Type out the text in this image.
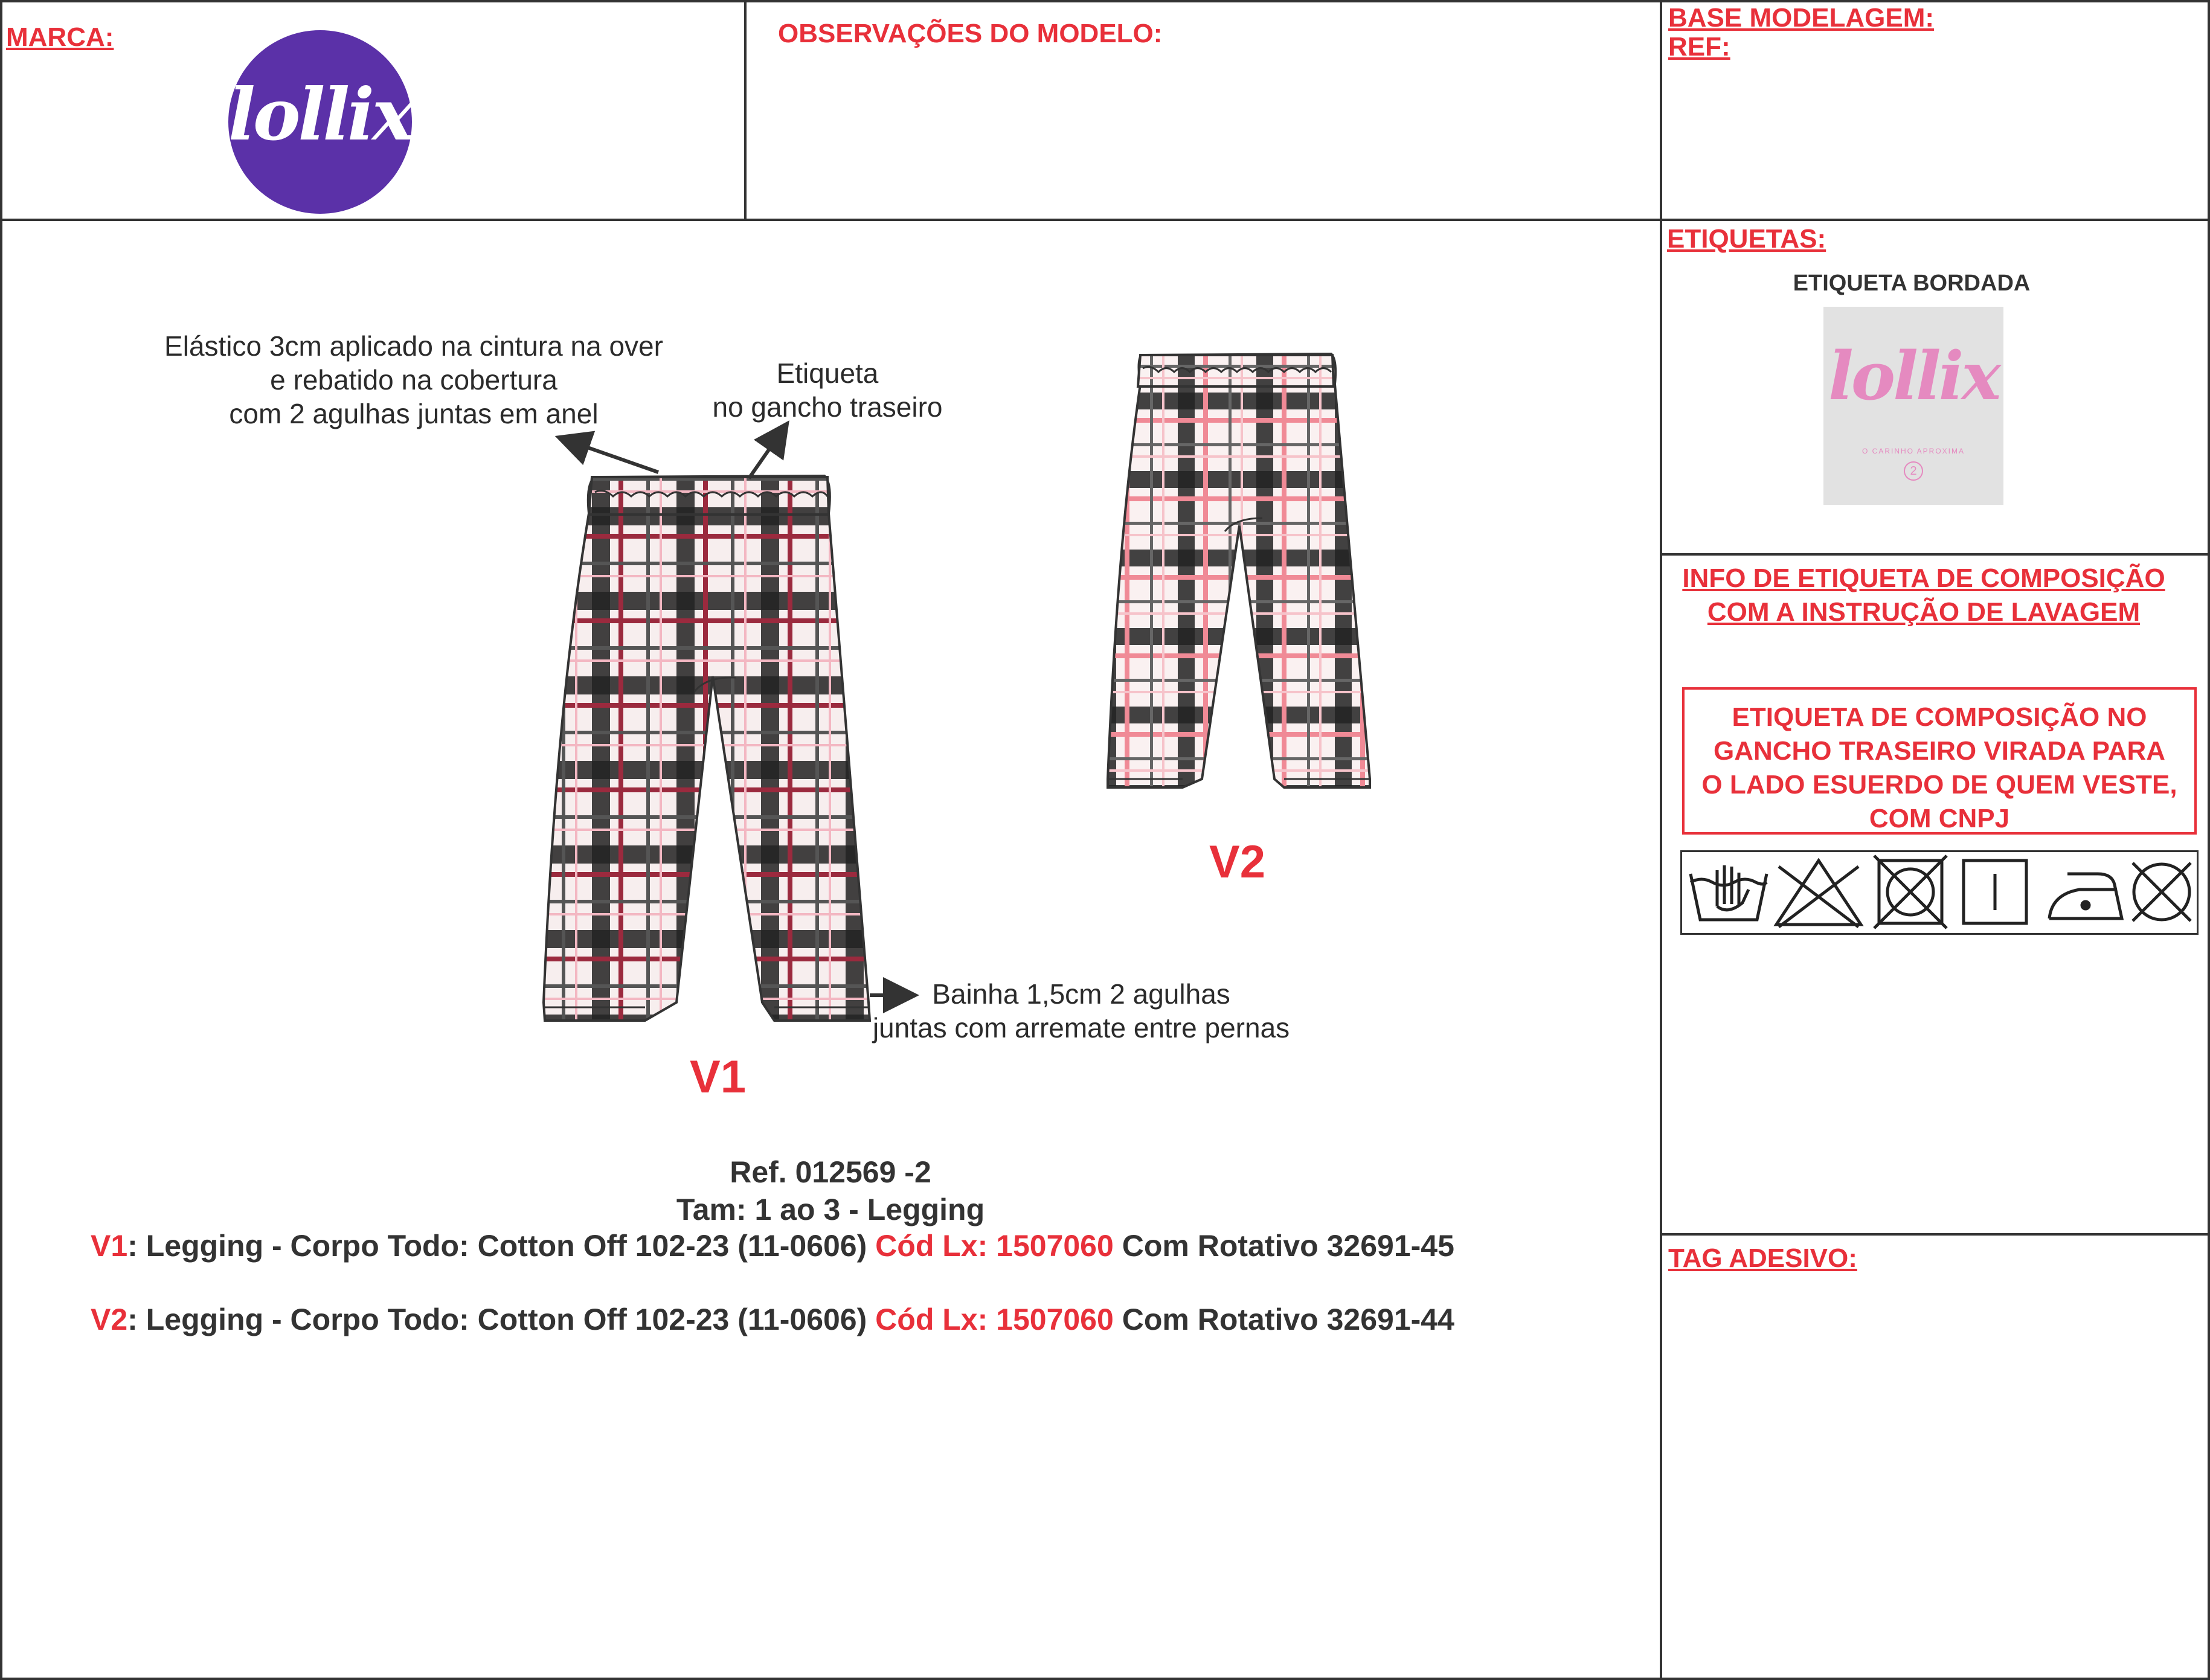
MARCA:
lollix
OBSERVAÇÕES DO MODELO:
BASE MODELAGEM:
REF:
Elástico 3cm aplicado na cintura na over
e rebatido na cobertura
com 2 agulhas juntas em anel
Etiqueta
no gancho traseiro
Bainha 1,5cm 2 agulhas
juntas com arremate entre pernas
V1
V2
Ref. 012569 -2
Tam: 1 ao 3 - Legging
V1: Legging - Corpo Todo: Cotton Off 102-23 (11-0606) Cód Lx: 1507060 Com Rotativo 32691-45
V2: Legging - Corpo Todo: Cotton Off 102-23 (11-0606) Cód Lx: 1507060 Com Rotativo 32691-44
ETIQUETAS:
ETIQUETA BORDADA
lollix
O CARINHO APROXIMA
2
INFO DE ETIQUETA DE COMPOSIÇÃO
COM A INSTRUÇÃO DE LAVAGEM
ETIQUETA DE COMPOSIÇÃO NO
GANCHO TRASEIRO VIRADA PARA
O LADO ESUERDO DE QUEM VESTE,
COM CNPJ
TAG ADESIVO:
